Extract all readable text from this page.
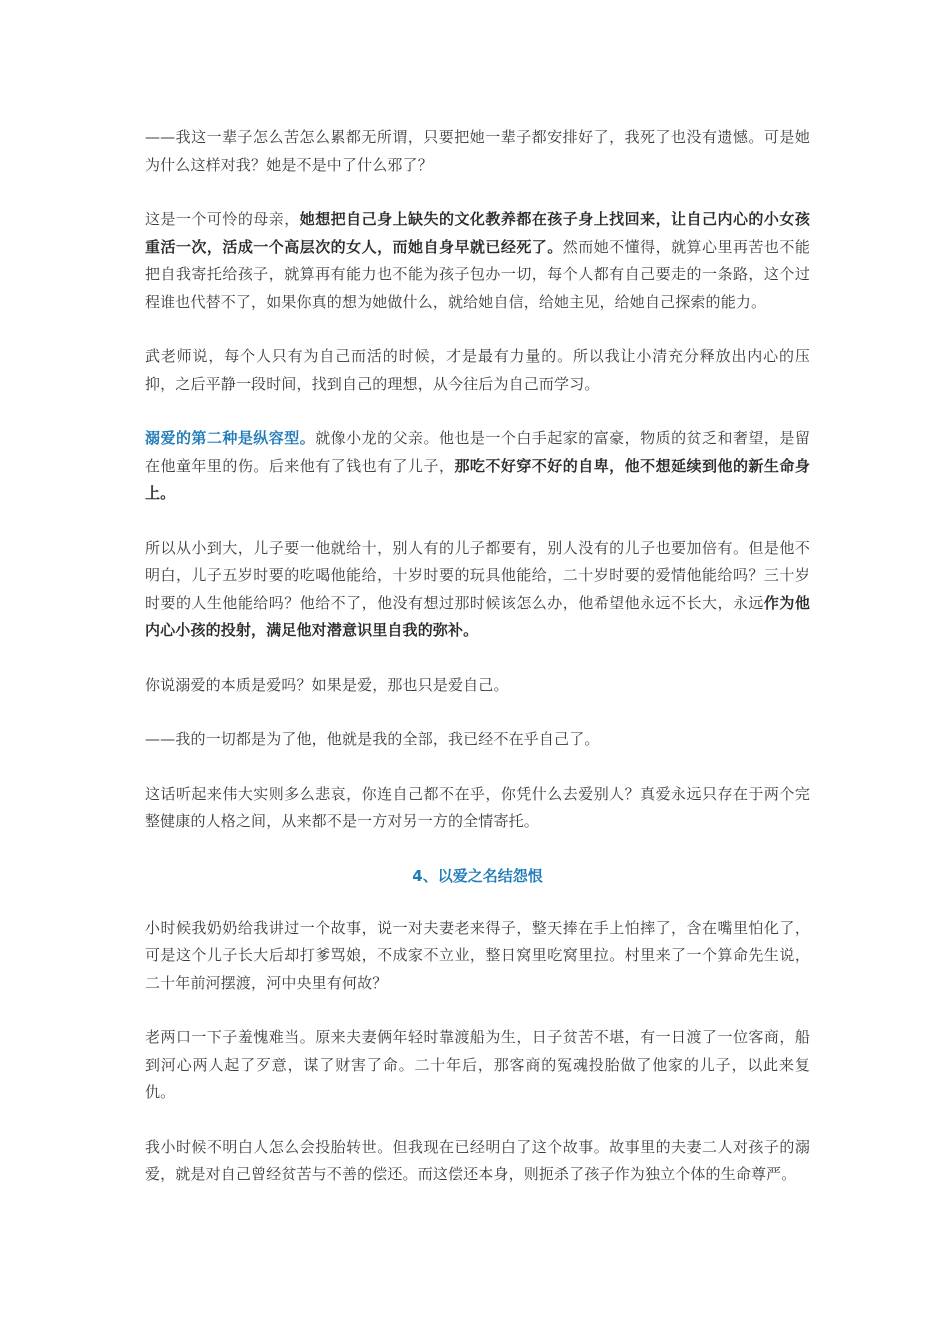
——我这一辈子怎么苦怎么累都无所谓，只要把她一辈子都安排好了，我死了也没有遗憾。可是她为什么这样对我？她是不是中了什么邪了？

这是一个可怜的母亲，她想把自己身上缺失的文化教养都在孩子身上找回来，让自己内心的小女孩重活一次，活成一个高层次的女人，而她自身早就已经死了。然而她不懂得，就算心里再苦也不能把自我寄托给孩子，就算再有能力也不能为孩子包办一切，每个人都有自己要走的一条路，这个过程谁也代替不了，如果你真的想为她做什么，就给她自信，给她主见，给她自己探索的能力。

武老师说，每个人只有为自己而活的时候，才是最有力量的。所以我让小清充分释放出内心的压抑，之后平静一段时间，找到自己的理想，从今往后为自己而学习。

溺爱的第二种是纵容型。就像小龙的父亲。他也是一个白手起家的富豪，物质的贫乏和奢望，是留在他童年里的伤。后来他有了钱也有了儿子，那吃不好穿不好的自卑，他不想延续到他的新生命身上。

所以从小到大，儿子要一他就给十，别人有的儿子都要有，别人没有的儿子也要加倍有。但是他不明白，儿子五岁时要的吃喝他能给，十岁时要的玩具他能给，二十岁时要的爱情他能给吗？三十岁时要的人生他能给吗？他给不了，他没有想过那时候该怎么办，他希望他永远不长大，永远作为他内心小孩的投射，满足他对潜意识里自我的弥补。

你说溺爱的本质是爱吗？如果是爱，那也只是爱自己。

——我的一切都是为了他，他就是我的全部，我已经不在乎自己了。

这话听起来伟大实则多么悲哀，你连自己都不在乎，你凭什么去爱别人？真爱永远只存在于两个完整健康的人格之间，从来都不是一方对另一方的全情寄托。

4、以爱之名结怨恨

小时候我奶奶给我讲过一个故事，说一对夫妻老来得子，整天捧在手上怕摔了，含在嘴里怕化了，可是这个儿子长大后却打爹骂娘，不成家不立业，整日窝里吃窝里拉。村里来了一个算命先生说，二十年前河摆渡，河中央里有何故？

老两口一下子羞愧难当。原来夫妻俩年轻时靠渡船为生，日子贫苦不堪，有一日渡了一位客商，船到河心两人起了歹意，谋了财害了命。二十年后，那客商的冤魂投胎做了他家的儿子，以此来复仇。

我小时候不明白人怎么会投胎转世。但我现在已经明白了这个故事。故事里的夫妻二人对孩子的溺爱，就是对自己曾经贫苦与不善的偿还。而这偿还本身，则扼杀了孩子作为独立个体的生命尊严。
